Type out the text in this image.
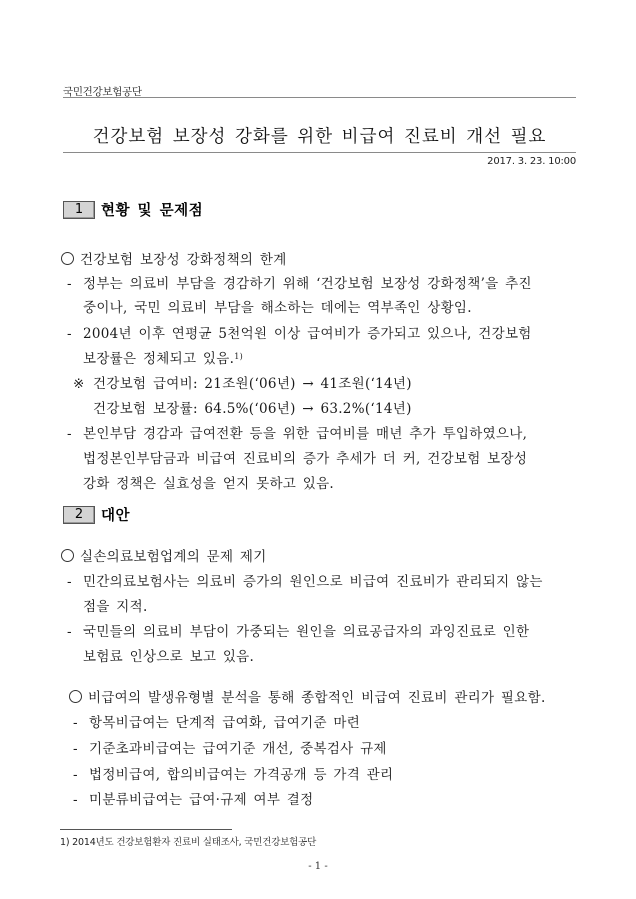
국민건강보험공단
건강보험 보장성 강화를 위한 비급여 진료비 개선 필요
2017. 3. 23. 10:00
1	현황 및 문제점
건강보험 보장성 강화정책의 한계
- 정부는 의료비 부담을 경감하기 위해 ‘건강보험 보장성 강화정책’을 추진
중이나, 국민 의료비 부담을 해소하는 데에는 역부족인 상황임.
- 2004년 이후 연평균 5천억원 이상 급여비가 증가되고 있으나, 건강보험
보장률은 정체되고 있음.$^{1)}$
※ 건강보험 급여비: 21조원(‘06년) → 41조원(‘14년)
건강보험 보장률: 64.5%(‘06년) → 63.2%(‘14년)
- 본인부담 경감과 급여전환 등을 위한 급여비를 매년 추가 투입하였으나,
법정본인부담금과 비급여 진료비의 증가 추세가 더 커, 건강보험 보장성
강화 정책은 실효성을 얻지 못하고 있음.
2	대안
실손의료보험업계의 문제 제기
- 민간의료보험사는 의료비 증가의 원인으로 비급여 진료비가 관리되지 않는
점을 지적.
- 국민들의 의료비 부담이 가중되는 원인을 의료공급자의 과잉진료로 인한
보험료 인상으로 보고 있음.
비급여의 발생유형별 분석을 통해 종합적인 비급여 진료비 관리가 필요함.
- 항목비급여는 단계적 급여화, 급여기준 마련
- 기준초과비급여는 급여기준 개선, 중복검사 규제
- 법정비급여, 합의비급여는 가격공개 등 가격 관리
- 미분류비급여는 급여·규제 여부 결정
1) 2014년도 건강보험환자 진료비 실태조사, 국민건강보험공단
- 1 -
